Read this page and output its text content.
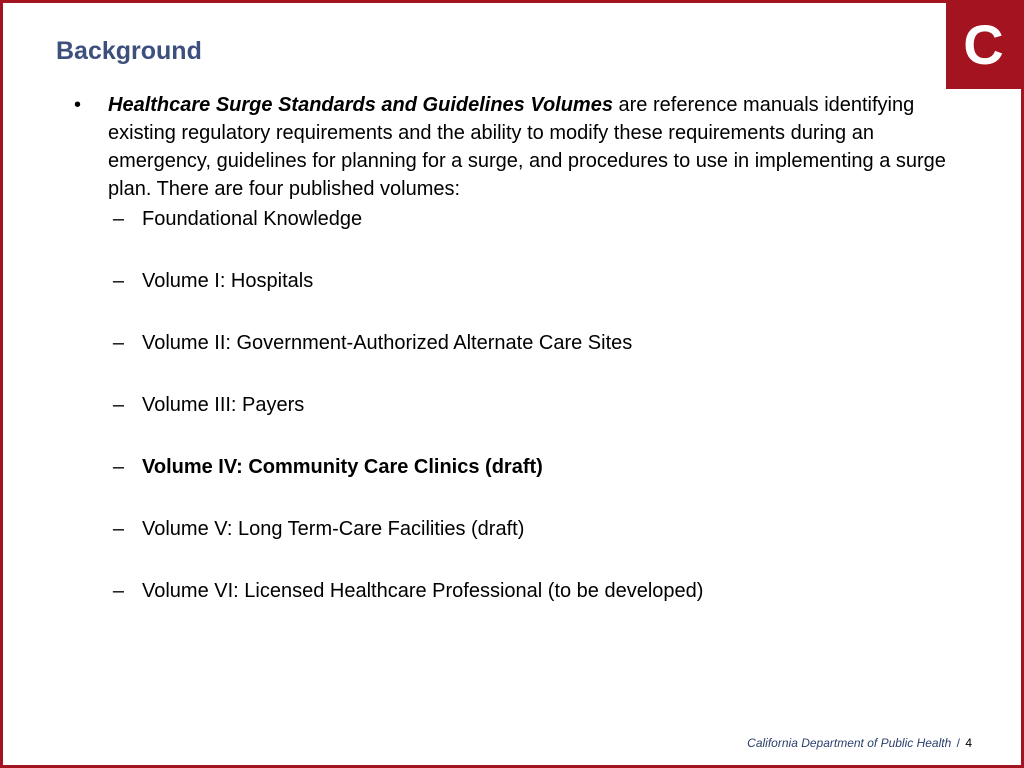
C
Background
•	Healthcare Surge Standards and Guidelines Volumes are reference manuals identifying existing regulatory requirements and the ability to modify these requirements during an emergency, guidelines for planning for a surge, and procedures to use in implementing a surge plan. There are four published volumes:
– Foundational Knowledge
– Volume I: Hospitals
– Volume II: Government-Authorized Alternate Care Sites
– Volume III: Payers
– Volume IV: Community Care Clinics (draft)
– Volume V: Long Term-Care Facilities (draft)
– Volume VI: Licensed Healthcare Professional (to be developed)
California Department of Public Health / 4
